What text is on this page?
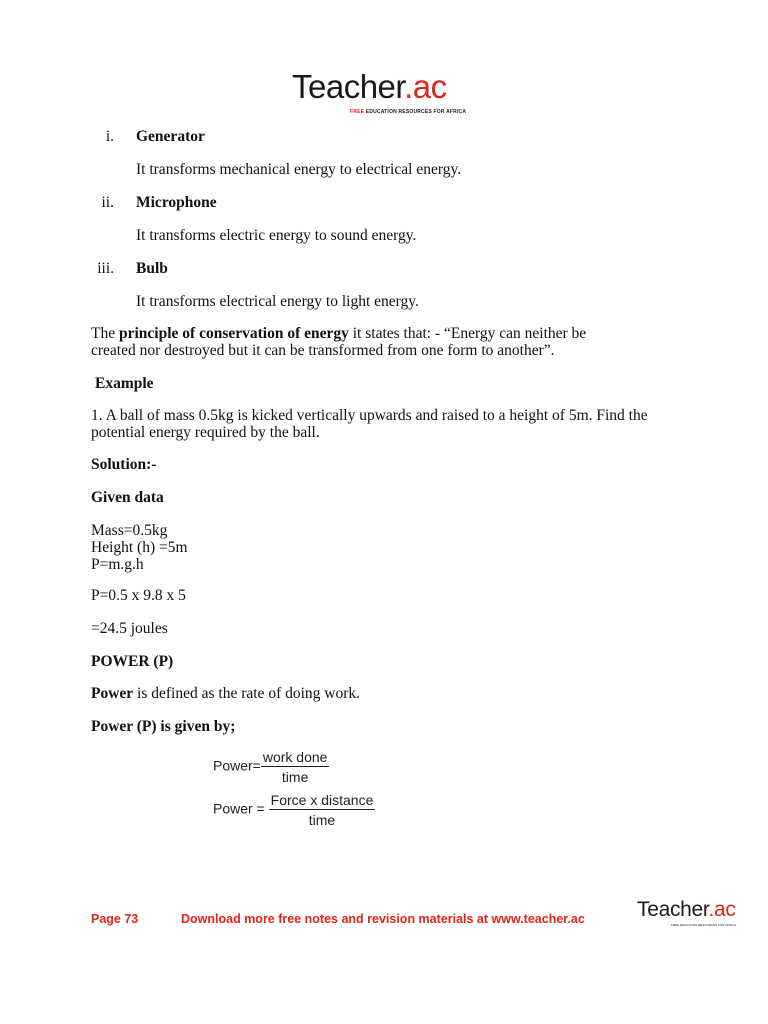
Teacher.ac
FREE EDUCATION RESOURCES FOR AFRICA
i. Generator
It transforms mechanical energy to electrical energy.
ii. Microphone
It transforms electric energy to sound energy.
iii. Bulb
It transforms electrical energy to light energy.
The principle of conservation of energy it states that: - “Energy can neither be
created nor destroyed but it can be transformed from one form to another”.
Example
1. A ball of mass 0.5kg is kicked vertically upwards and raised to a height of 5m. Find the
potential energy required by the ball.
Solution:-
Given data
Mass=0.5kg
Height (h) =5m
P=m.g.h
P=0.5 x 9.8 x 5
=24.5 joules
POWER (P)
Power is defined as the rate of doing work.
Power (P) is given by;
Power= $\frac{\text{work done}}{\text{time}}$
Power = $\frac{\text{Force x distance}}{\text{time}}$
Page 73	Download more free notes and revision materials at www.teacher.ac Teacher.ac
FREE EDUCATION RESOURCES FOR AFRICA
